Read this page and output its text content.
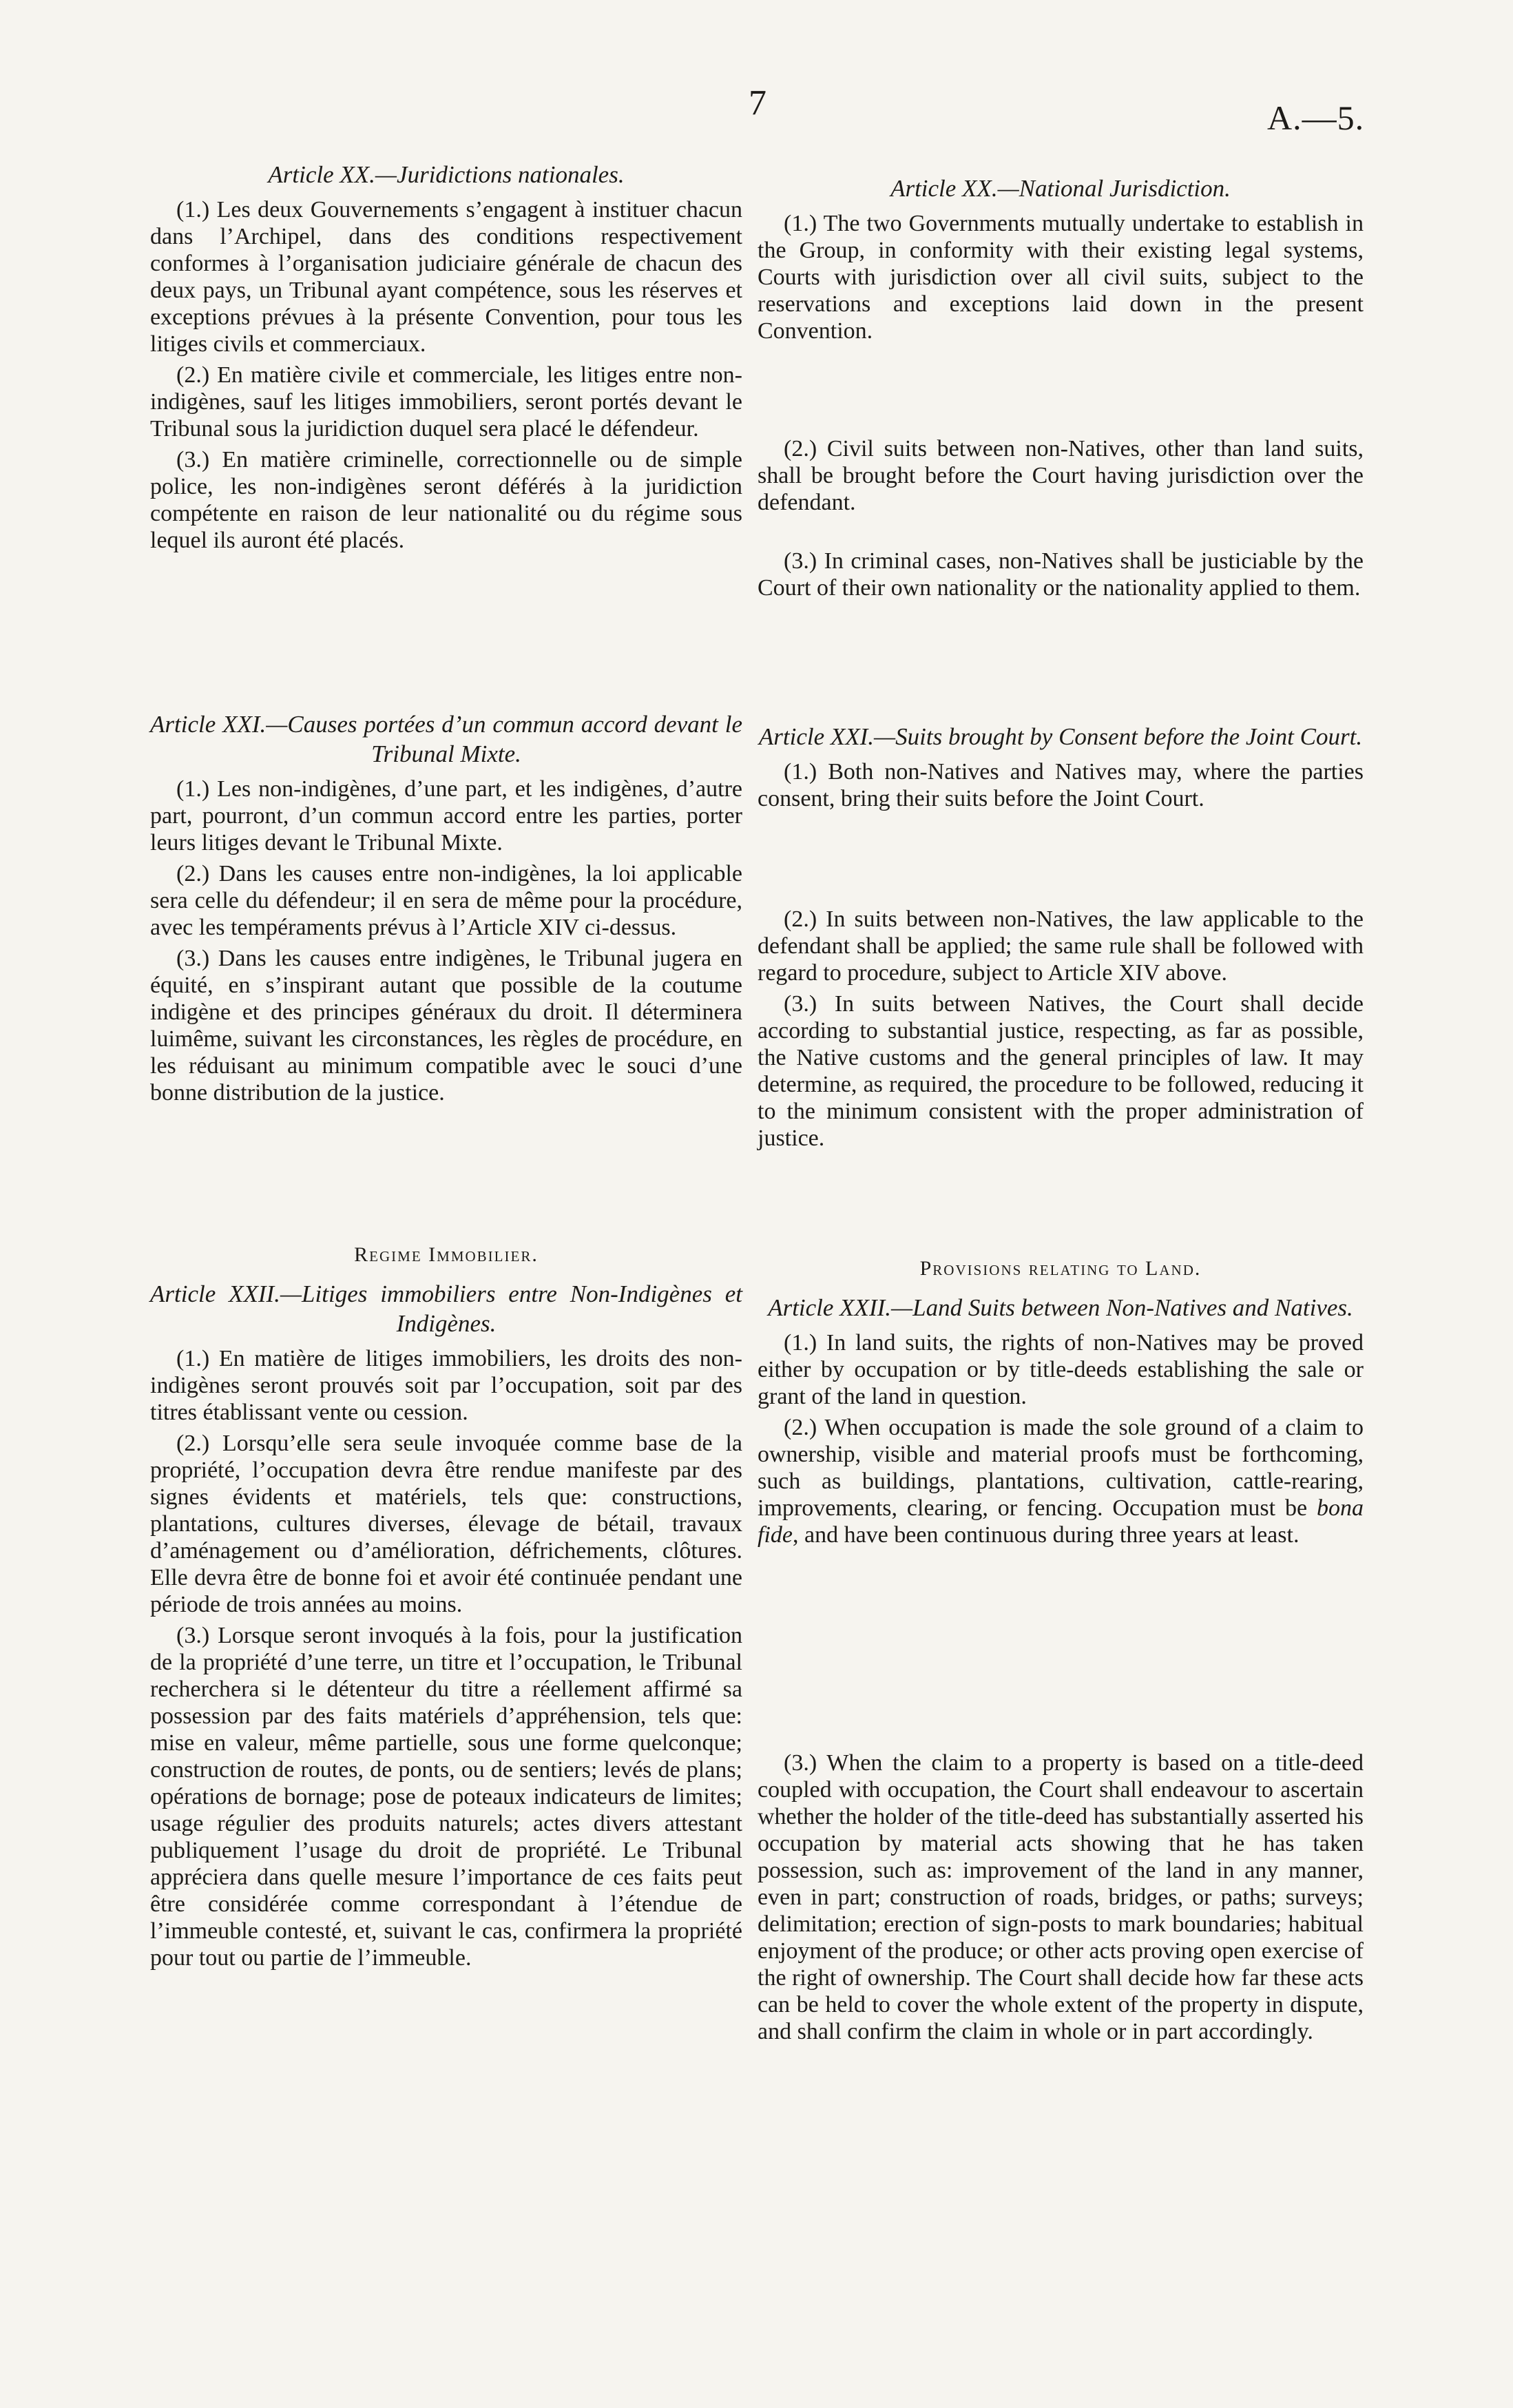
7	A.—5.
Article XX.—Juridictions nationales.

(1.) Les deux Gouvernements s’engagent à instituer chacun dans l’Archipel, dans des conditions respectivement conformes à l’organisation judiciaire générale de chacun des deux pays, un Tribunal ayant compétence, sous les réserves et exceptions prévues à la présente Convention, pour tous les litiges civils et commerciaux.

(2.) En matière civile et commerciale, les litiges entre non-indigènes, sauf les litiges immobiliers, seront portés devant le Tribunal sous la juridiction duquel sera placé le défendeur.

(3.) En matière criminelle, correctionnelle ou de simple police, les non-indigènes seront déférés à la juridiction compétente en raison de leur nationalité ou du régime sous lequel ils auront été placés.

Article XXI.—Causes portées d’un commun accord devant le Tribunal Mixte.

(1.) Les non-indigènes, d’une part, et les indigènes, d’autre part, pourront, d’un commun accord entre les parties, porter leurs litiges devant le Tribunal Mixte.

(2.) Dans les causes entre non-indigènes, la loi applicable sera celle du défendeur; il en sera de même pour la procédure, avec les tempéraments prévus à l’Article XIV ci-dessus.

(3.) Dans les causes entre indigènes, le Tribunal jugera en équité, en s’inspirant autant que possible de la coutume indigène et des principes généraux du droit. Il déterminera luimême, suivant les circonstances, les règles de procédure, en les réduisant au minimum compatible avec le souci d’une bonne distribution de la justice.

Regime Immobilier.
Article XXII.—Litiges immobiliers entre Non-Indigènes et Indigènes.

(1.) En matière de litiges immobiliers, les droits des non-indigènes seront prouvés soit par l’occupation, soit par des titres établissant vente ou cession.

(2.) Lorsqu’elle sera seule invoquée comme base de la propriété, l’occupation devra être rendue manifeste par des signes évidents et matériels, tels que: constructions, plantations, cultures diverses, élevage de bétail, travaux d’aménagement ou d’amélioration, défrichements, clôtures. Elle devra être de bonne foi et avoir été continuée pendant une période de trois années au moins.

(3.) Lorsque seront invoqués à la fois, pour la justification de la propriété d’une terre, un titre et l’occupation, le Tribunal recherchera si le détenteur du titre a réellement affirmé sa possession par des faits matériels d’appréhension, tels que: mise en valeur, même partielle, sous une forme quelconque; construction de routes, de ponts, ou de sentiers; levés de plans; opérations de bornage; pose de poteaux indicateurs de limites; usage régulier des produits naturels; actes divers attestant publiquement l’usage du droit de propriété. Le Tribunal appréciera dans quelle mesure l’importance de ces faits peut être considérée comme correspondant à l’étendue de l’immeuble contesté, et, suivant le cas, confirmera la propriété pour tout ou partie de l’immeuble.

Article XX.—National Jurisdiction.

(1.) The two Governments mutually undertake to establish in the Group, in conformity with their existing legal systems, Courts with jurisdiction over all civil suits, subject to the reservations and exceptions laid down in the present Convention.

(2.) Civil suits between non-Natives, other than land suits, shall be brought before the Court having jurisdiction over the defendant.

(3.) In criminal cases, non-Natives shall be justiciable by the Court of their own nationality or the nationality applied to them.

Article XXI.—Suits brought by Consent before the Joint Court.

(1.) Both non-Natives and Natives may, where the parties consent, bring their suits before the Joint Court.

(2.) In suits between non-Natives, the law applicable to the defendant shall be applied; the same rule shall be followed with regard to procedure, subject to Article XIV above.

(3.) In suits between Natives, the Court shall decide according to substantial justice, respecting, as far as possible, the Native customs and the general principles of law. It may determine, as required, the procedure to be followed, reducing it to the minimum consistent with the proper administration of justice.

Provisions relating to Land.
Article XXII.—Land Suits between Non-Natives and Natives.

(1.) In land suits, the rights of non-Natives may be proved either by occupation or by title-deeds establishing the sale or grant of the land in question.

(2.) When occupation is made the sole ground of a claim to ownership, visible and material proofs must be forthcoming, such as buildings, plantations, cultivation, cattle-rearing, improvements, clearing, or fencing. Occupation must be bona fide, and have been continuous during three years at least.

(3.) When the claim to a property is based on a title-deed coupled with occupation, the Court shall endeavour to ascertain whether the holder of the title-deed has substantially asserted his occupation by material acts showing that he has taken possession, such as: improvement of the land in any manner, even in part; construction of roads, bridges, or paths; surveys; delimitation; erection of sign-posts to mark boundaries; habitual enjoyment of the produce; or other acts proving open exercise of the right of ownership. The Court shall decide how far these acts can be held to cover the whole extent of the property in dispute, and shall confirm the claim in whole or in part accordingly.
